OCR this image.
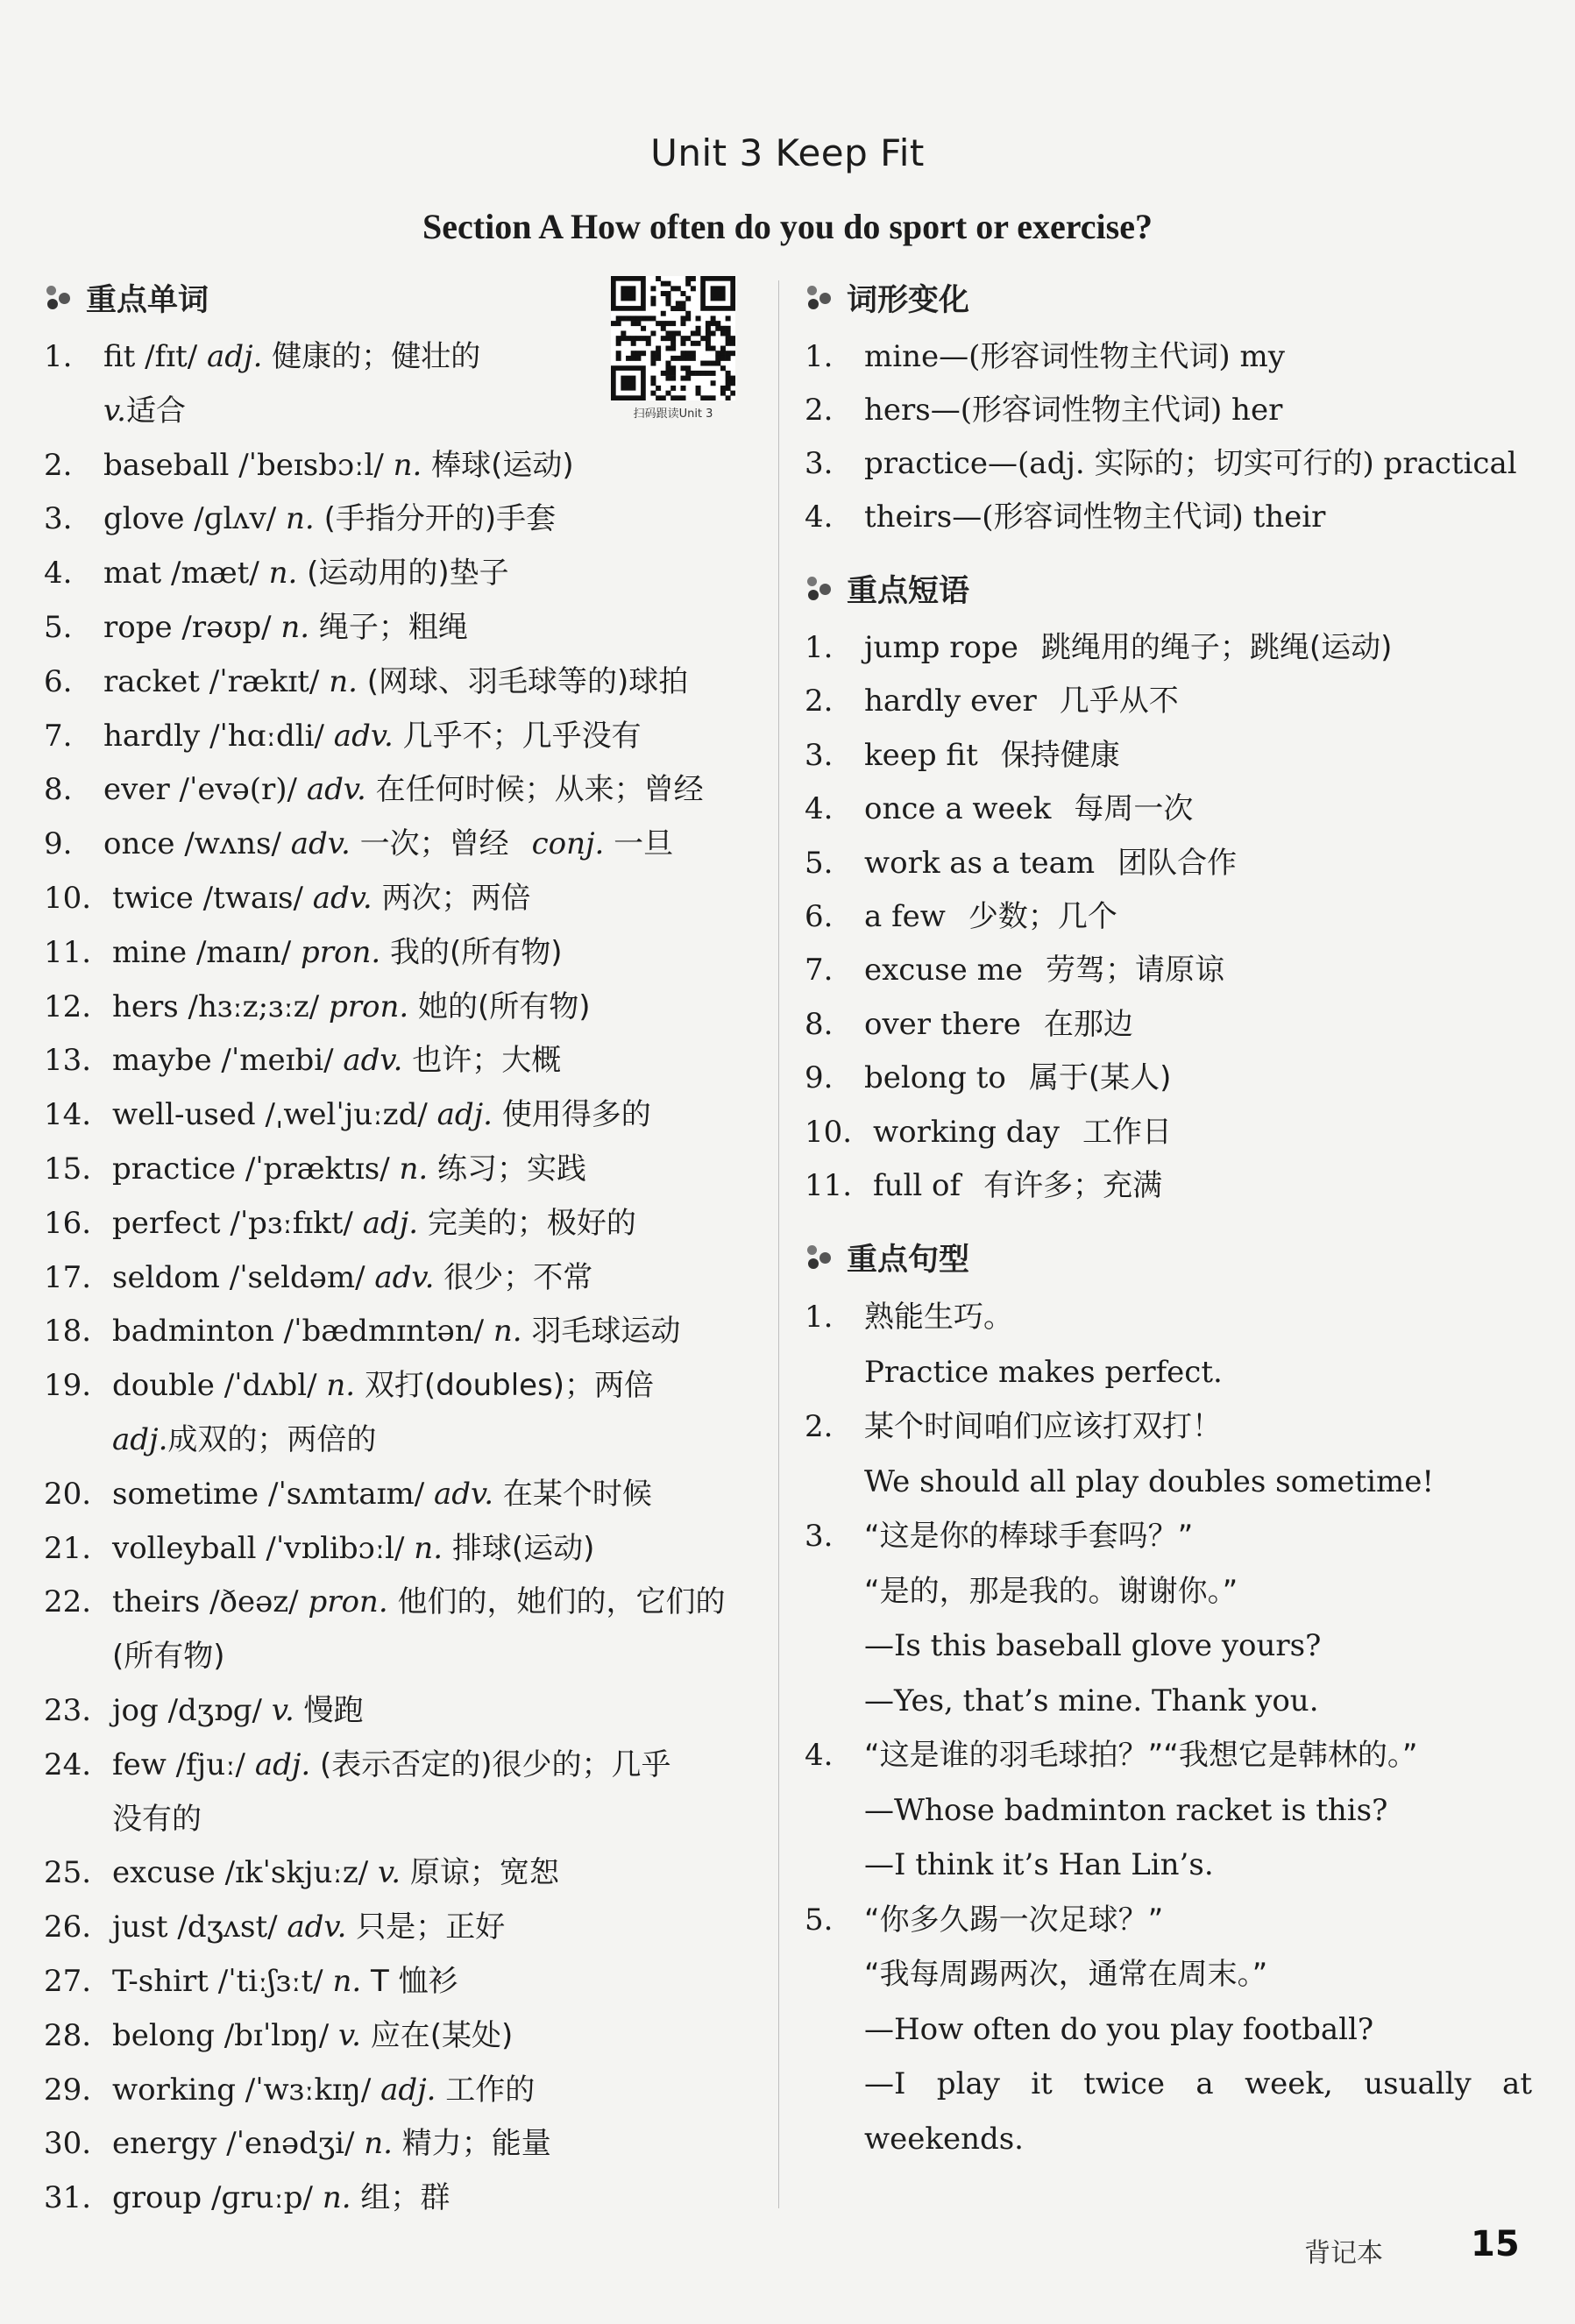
Unit 3 Keep Fit
Section A How often do you do sport or exercise?
扫码跟读Unit 3
重点单词
1.	fit /fɪt/ adj. 健康的；健壮的
v. 适合
2.	baseball /ˈbeɪsbɔːl/ n. 棒球(运动)
3.	glove /ɡlʌv/ n. (手指分开的)手套
4.	mat /mæt/ n. (运动用的)垫子
5.	rope /rəʊp/ n. 绳子；粗绳
6.	racket /ˈrækɪt/ n. (网球、羽毛球等的)球拍
7.	hardly /ˈhɑːdli/ adv. 几乎不；几乎没有
8.	ever /ˈevə(r)/ adv. 在任何时候；从来；曾经
9.	once /wʌns/ adv. 一次；曾经 conj. 一旦
10. twice /twaɪs/ adv. 两次；两倍
11. mine /maɪn/ pron. 我的(所有物)
12. hers /hɜːz;ɜːz/ pron. 她的(所有物)
13. maybe /ˈmeɪbi/ adv. 也许；大概
14. well-used /ˌwelˈjuːzd/ adj. 使用得多的
15. practice /ˈpræktɪs/ n. 练习；实践
16. perfect /ˈpɜːfɪkt/ adj. 完美的；极好的
17. seldom /ˈseldəm/ adv. 很少；不常
18. badminton /ˈbædmɪntən/ n. 羽毛球运动
19. double /ˈdʌbl/ n. 双打(doubles)；两倍
adj. 成双的；两倍的
20. sometime /ˈsʌmtaɪm/ adv. 在某个时候
21. volleyball /ˈvɒlibɔːl/ n. 排球(运动)
22. theirs /ðeəz/ pron. 他们的，她们的，它们的
(所有物)
23. jog /dʒɒɡ/ v. 慢跑
24. few /fjuː/ adj. (表示否定的)很少的；几乎
没有的
25. excuse /ɪkˈskjuːz/ v. 原谅；宽恕
26. just /dʒʌst/ adv. 只是；正好
27. T-shirt /ˈtiːʃɜːt/ n. T 恤衫
28. belong /bɪˈlɒŋ/ v. 应在(某处)
29. working /ˈwɜːkɪŋ/ adj. 工作的
30. energy /ˈenədʒi/ n. 精力；能量
31. group /ɡruːp/ n. 组；群
词形变化
1.	mine—(形容词性物主代词) my
2.	hers—(形容词性物主代词) her
3.	practice—(adj. 实际的；切实可行的) practical
4.	theirs—(形容词性物主代词) their
重点短语
1.	jump rope 跳绳用的绳子；跳绳(运动)
2.	hardly ever 几乎从不
3.	keep fit 保持健康
4.	once a week 每周一次
5.	work as a team 团队合作
6.	a few 少数；几个
7.	excuse me 劳驾；请原谅
8.	over there 在那边
9.	belong to 属于(某人)
10. working day 工作日
11. full of 有许多；充满
重点句型
1.	熟能生巧。
Practice makes perfect.
2.	某个时间咱们应该打双打！
We should all play doubles sometime!
3.	“这是你的棒球手套吗？”
“是的，那是我的。谢谢你。”
—Is this baseball glove yours?
—Yes, that’s mine. Thank you.
4.	“这是谁的羽毛球拍？”“我想它是韩林的。”
—Whose badminton racket is this?
—I think it’s Han Lin’s.
5.	“你多久踢一次足球？”
“我每周踢两次，通常在周末。”
—How often do you play football?
—I play it twice a week, usually at
weekends.
背记本	15
